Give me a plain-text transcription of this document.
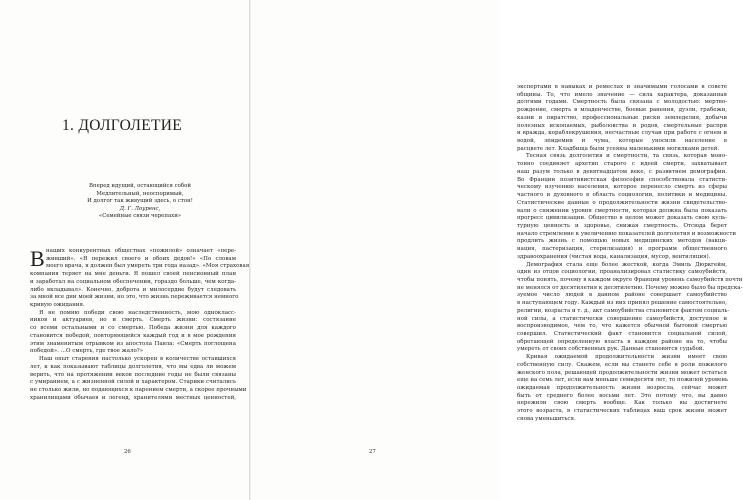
1. ДОЛГОЛЕТИЕ
Вперед идущий, остающийся собой
Медлительный, неоспоримый,
И долгог так живущий здесь, о стон!
Д. Г. Лоуренс,
«Семейные связи черепахи»
В наших конкурентных обществах «пожилой» означает «пере-
живший». «Я пережил своего и обоих дедов!» «По словам
моего врача, я должен был умереть три года назад». «Моя страховая
компания теряет на мне деньги. Я пошел своей пенсионный план
и заработал на социальном обеспечении, гораздо больше, чем когда-
либо вкладывал». Конечно, доброта и милосердие будут следовать
за мной все дни моей жизни, но это, что жизнь переживается немного
кривую ожидания.
Я не помню победи свою наследственность, мою однокласс-
ников и актуариев, но и смерть. Смерть жизни: состязание
со всеми остальными и со смертью. Победа жизни для каждого
становится победой, повторяющейся каждый год и в мое рождения
этим знаменитым отрывком из апостола Павла: «Смерть поглощена
победой». ...О смерть, где твое жало?»
Наш опыт старения настолько ускорен в количестве оставшихся
лет, к как показывают таблицы долголетия, что мы едва ли можем
верить, что на протяжении веков последние годы не были связаны
с умиранием, а с жизненной силой и характером. Старики считались
не столько жили, но подающихся к парением смерти, а скорее прочными
хранилищами обычаев и легенд, хранителями местных ценностей,
26
экспертами в навыках и ремеслах и значимыми голосами в совете
общины. То, что имело значение — сила характера, доказанная
долгими годами. Смертность была связана с молодостью: мертво-
рождение, смерть в младенчестве, боевые ранения, дуэли, грабежи,
казни и пиратство, профессиональные риски земледелия, добычи
полезных ископаемых, рыболовства и родов, смертельные распри
и вражда, кораблекрушения, несчастные случаи при работе с огнем и
водой, эпидемии и чума, которые уносили население в
расцвете лет. Кладбища были усеяны маленькими могилками детей.
Тесная связь долголетия и смертности, та связь, которая моно-
тонно соединяет архетип старого с идеей смерти, захватывает
наш разум только в девятнадцатом веке, с развитием демографии.
Во Франции позитивистская философия способствовала статисти-
ческому изучению населения, которое перенесло смерть из сферы
частного и духовного в область социологии, политики и медицины.
Статистические данные о продолжительности жизни свидетельство-
вали о снижении уровня смертности, которая должна была показать
прогресс цивилизации. Общество в целом может доказать свою куль-
турную ценность и здоровье, снижая смертность. Отсюда берет
начало стремление к увеличению показателей долголетия и возможности
продлить жизнь с помощью новых медицинских методов (вакци-
нация, пастеризация, стерилизация) и программ общественного
здравоохранения (чистая вода, канализация, мусор, вентиляция).
Демография стала еще более жесткой, когда Эмиль Дюркгейм,
один из отцов социологии, проанализировал статистику самоубийств,
чтобы понять, почему в каждом округе Франции уровень самоубийств почти
не менялся от десятилетия к десятилетию. Почему можно было бы предска-
зуемое число людей в данном районе совершает самоубийство
в наступающем году. Каждый из них принял решение самостоятельно,
религии, возраста и т. д., акт самоубийства становится фактом социаль-
ной силы, а статистически совершение самоубийств, доступное и
воспроизводимое, чем то, что кажется обычной бытовой смертью
совершил. Статистический факт становится социальной силой,
обретающей определенную власть в каждом районе на то, чтобы
умереть от своих собственных рук. Данные становятся судьбой.
Кривая ожидаемой продолжительности жизни имеет свою
собственную силу. Скажем, если вы станете себе в роли пожилого
женского пола, решающей продолжительности жизни может остаться
еще на семь лет, если вам меньше семидесяти лет, то пожилой уровень
ожидаемая продолжительность жизни возросла, сейчас может
быть от среднего более восьми лет. Это потому что, вы давно
пережили свою смерть вообще. Как только вы достигнете
этого возраста, в статистических таблицах ваш срок жизни может
снова уменьшиться.
27
